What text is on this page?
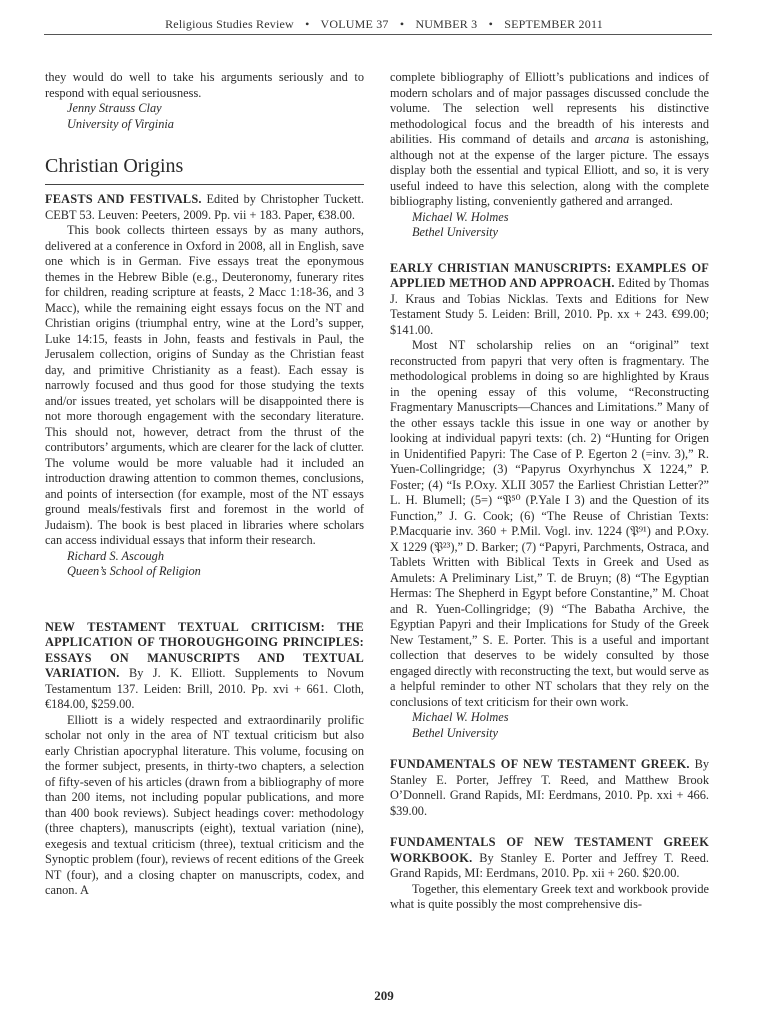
Religious Studies Review • VOLUME 37 • NUMBER 3 • SEPTEMBER 2011

they would do well to take his arguments seriously and to respond with equal seriousness.

Jenny Strauss Clay

University of Virginia

Christian Origins

FEASTS AND FESTIVALS. Edited by Christopher Tuckett. CEBT 53. Leuven: Peeters, 2009. Pp. vii + 183. Paper, €38.00.

This book collects thirteen essays by as many authors, delivered at a conference in Oxford in 2008, all in English, save one which is in German. Five essays treat the eponymous themes in the Hebrew Bible (e.g., Deuteronomy, funerary rites for children, reading scripture at feasts, 2 Macc 1:18-36, and 3 Macc), while the remaining eight essays focus on the NT and Christian origins (triumphal entry, wine at the Lord’s supper, Luke 14:15, feasts in John, feasts and festivals in Paul, the Jerusalem collection, origins of Sunday as the Christian feast day, and primitive Christianity as a feast). Each essay is narrowly focused and thus good for those studying the texts and/or issues treated, yet scholars will be disappointed there is not more thorough engagement with the secondary literature. This should not, however, detract from the thrust of the contributors’ arguments, which are clearer for the lack of clutter. The volume would be more valuable had it included an introduction drawing attention to common themes, conclusions, and points of intersection (for example, most of the NT essays ground meals/festivals first and foremost in the world of Judaism). The book is best placed in libraries where scholars can access individual essays that inform their research.

Richard S. Ascough

Queen’s School of Religion

NEW TESTAMENT TEXTUAL CRITICISM: THE APPLICATION OF THOROUGHGOING PRINCIPLES: ESSAYS ON MANUSCRIPTS AND TEXTUAL VARIATION. By J. K. Elliott. Supplements to Novum Testamentum 137. Leiden: Brill, 2010. Pp. xvi + 661. Cloth, €184.00, $259.00.

Elliott is a widely respected and extraordinarily prolific scholar not only in the area of NT textual criticism but also early Christian apocryphal literature. This volume, focusing on the former subject, presents, in thirty-two chapters, a selection of fifty-seven of his articles (drawn from a bibliography of more than 200 items, not including popular publications, and more than 400 book reviews). Subject headings cover: methodology (three chapters), manuscripts (eight), textual variation (nine), exegesis and textual criticism (three), textual criticism and the Synoptic problem (four), reviews of recent editions of the Greek NT (four), and a closing chapter on manuscripts, codex, and canon. A

complete bibliography of Elliott’s publications and indices of modern scholars and of major passages discussed conclude the volume. The selection well represents his distinctive methodological focus and the breadth of his interests and abilities. His command of details and arcana is astonishing, although not at the expense of the larger picture. The essays display both the essential and typical Elliott, and so, it is very useful indeed to have this selection, along with the complete bibliography listing, conveniently gathered and arranged.

Michael W. Holmes

Bethel University

EARLY CHRISTIAN MANUSCRIPTS: EXAMPLES OF APPLIED METHOD AND APPROACH. Edited by Thomas J. Kraus and Tobias Nicklas. Texts and Editions for New Testament Study 5. Leiden: Brill, 2010. Pp. xx + 243. €99.00; $141.00.

Most NT scholarship relies on an “original” text reconstructed from papyri that very often is fragmentary. The methodological problems in doing so are highlighted by Kraus in the opening essay of this volume, “Reconstructing Fragmentary Manuscripts—Chances and Limitations.” Many of the other essays tackle this issue in one way or another by looking at individual papyri texts: (ch. 2) “Hunting for Origen in Unidentified Papyri: The Case of P. Egerton 2 (=inv. 3),” R. Yuen-Collingridge; (3) “Papyrus Oxyrhynchus X 1224,” P. Foster; (4) “Is P.Oxy. XLII 3057 the Earliest Christian Letter?” L. H. Blumell; (5=) “𝔓⁵⁰ (P.Yale I 3) and the Question of its Function,” J. G. Cook; (6) “The Reuse of Christian Texts: P.Macquarie inv. 360 + P.Mil. Vogl. inv. 1224 (𝔓⁹¹) and P.Oxy. X 1229 (𝔓²³),” D. Barker; (7) “Papyri, Parchments, Ostraca, and Tablets Written with Biblical Texts in Greek and Used as Amulets: A Preliminary List,” T. de Bruyn; (8) “The Egyptian Hermas: The Shepherd in Egypt before Constantine,” M. Choat and R. Yuen-Collingridge; (9) “The Babatha Archive, the Egyptian Papyri and their Implications for Study of the Greek New Testament,” S. E. Porter. This is a useful and important collection that deserves to be widely consulted by those engaged directly with reconstructing the text, but would serve as a helpful reminder to other NT scholars that they rely on the conclusions of text criticism for their own work.

Michael W. Holmes

Bethel University

FUNDAMENTALS OF NEW TESTAMENT GREEK. By Stanley E. Porter, Jeffrey T. Reed, and Matthew Brook O’Donnell. Grand Rapids, MI: Eerdmans, 2010. Pp. xxi + 466. $39.00.

FUNDAMENTALS OF NEW TESTAMENT GREEK WORKBOOK. By Stanley E. Porter and Jeffrey T. Reed. Grand Rapids, MI: Eerdmans, 2010. Pp. xii + 260. $20.00.

Together, this elementary Greek text and workbook provide what is quite possibly the most comprehensive dis-

209
